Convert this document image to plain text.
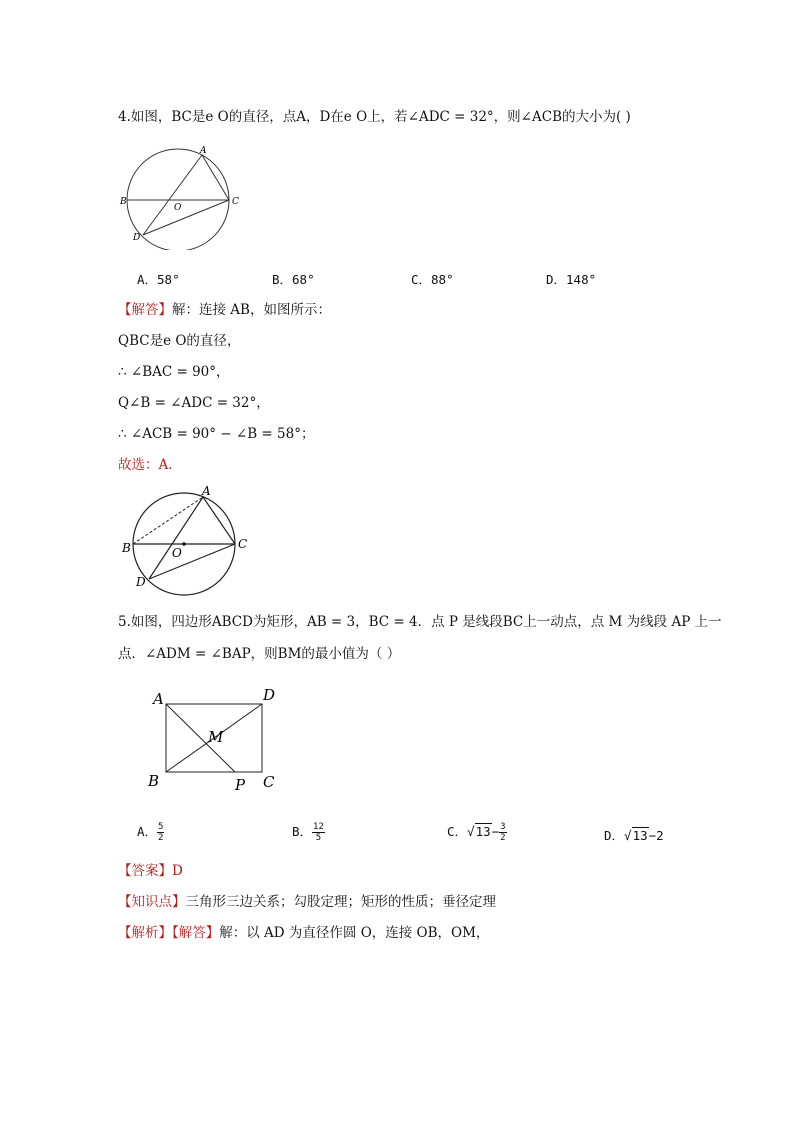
4.如图，BC是e O的直径，点A，D在e O上，若∠ADC = 32°，则∠ACB的大小为( )
A
B	C
D
O
A．58°	B．68°	C．88°	D．148°
【解答】解：连接 AB，如图所示：
QBC是e O的直径，
∴ ∠BAC = 90°，
Q∠B = ∠ADC = 32°，
∴ ∠ACB = 90° − ∠B = 58°；
故选：A．
A
B	C
D
O
5.如图，四边形ABCD为矩形，AB = 3，BC = 4．点 P 是线段BC上一动点，点 M 为线段 AP 上一
点．∠ADM = ∠BAP，则BM的最小值为（ ）
A	D
B	C
M
P
A． $\frac{5}{2}$	B． $\frac{12}{5}$	C．$√13- \frac{3}{2}$	D．√13−2
【答案】D
【知识点】三角形三边关系；勾股定理；矩形的性质；垂径定理
【解析】【解答】解：以 AD 为直径作圆 O，连接 OB，OM，
